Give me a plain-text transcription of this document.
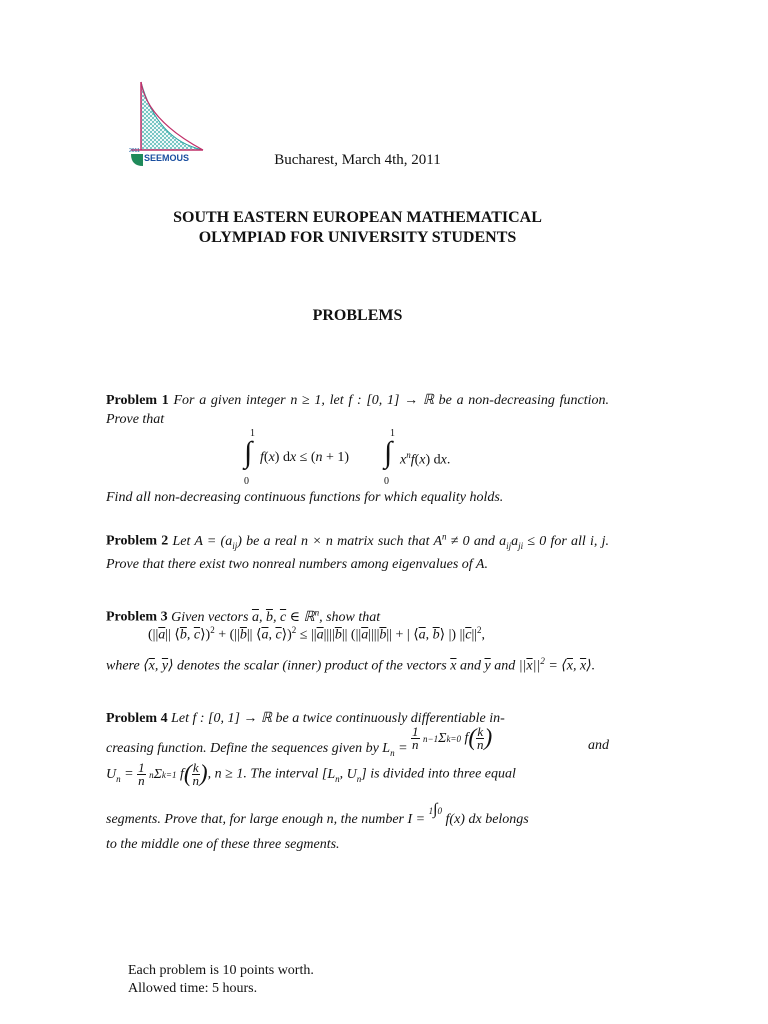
2011
SEEMOUS	Bucharest, March 4th, 2011
SOUTH EASTERN EUROPEAN MATHEMATICAL
OLYMPIAD FOR UNIVERSITY STUDENTS
PROBLEMS
Problem 1 For a given integer n ≥ 1, let f : [0, 1] → ℝ be a non-decreasing function. Prove that
1
∫
0
f(x) dx ≤ (n + 1)
1
∫
0
$x^nf(x)$ dx.
Find all non-decreasing continuous functions for which equality holds.
Problem 2 Let $A = (a_{ij})$ be a real n × n matrix such that $A^n \ne 0$ and $a_{ij}a_{ji} \le 0$ for all i, j. Prove that there exist two nonreal numbers among eigenvalues of A.
Problem 3 Given vectors $\overline{a}$, $\overline{b}$, $\overline{c}$ ∈ ℝ$^n$, show that
($||\overline{a}||$ $⟨\overline{b}$, $\overline{c}⟩)^2 + (||\overline{b}||$ $⟨\overline{a}$, $\overline{c}⟩)^2 \le ||\overline{a}||||\overline{b}||$ ($||\overline{a}||||\overline{b}||$ + | $⟨\overline{a}$, $\overline{b}⟩$ |) $||\overline{c}||^2$,
where $⟨\overline{x}$, $\overline{y}⟩$ denotes the scalar (inner) product of the vectors $\overline{x}$ and $\overline{y}$ and $||\overline{x}||^2$ = $⟨\overline{x}$, $\overline{x}⟩$.
Problem 4 Let f : [0, 1] → ℝ be a twice continuously differentiable in-
creasing function. Define the sequences given by $L_n = \frac{1}{n} n-1\Sigma k=0$ $f( \frac{k}{n}$ )	and
$U_n = \frac{1}{n} n\Sigma k=1$ $f( \frac{k}{n}$ ), n ≥ 1. The interval [$L_n$, $U_n$] is divided into three equal
segments. Prove that, for large enough n, the number I = 1∫0 f(x) dx belongs
to the middle one of these three segments.
Each problem is 10 points worth.
Allowed time: 5 hours.
